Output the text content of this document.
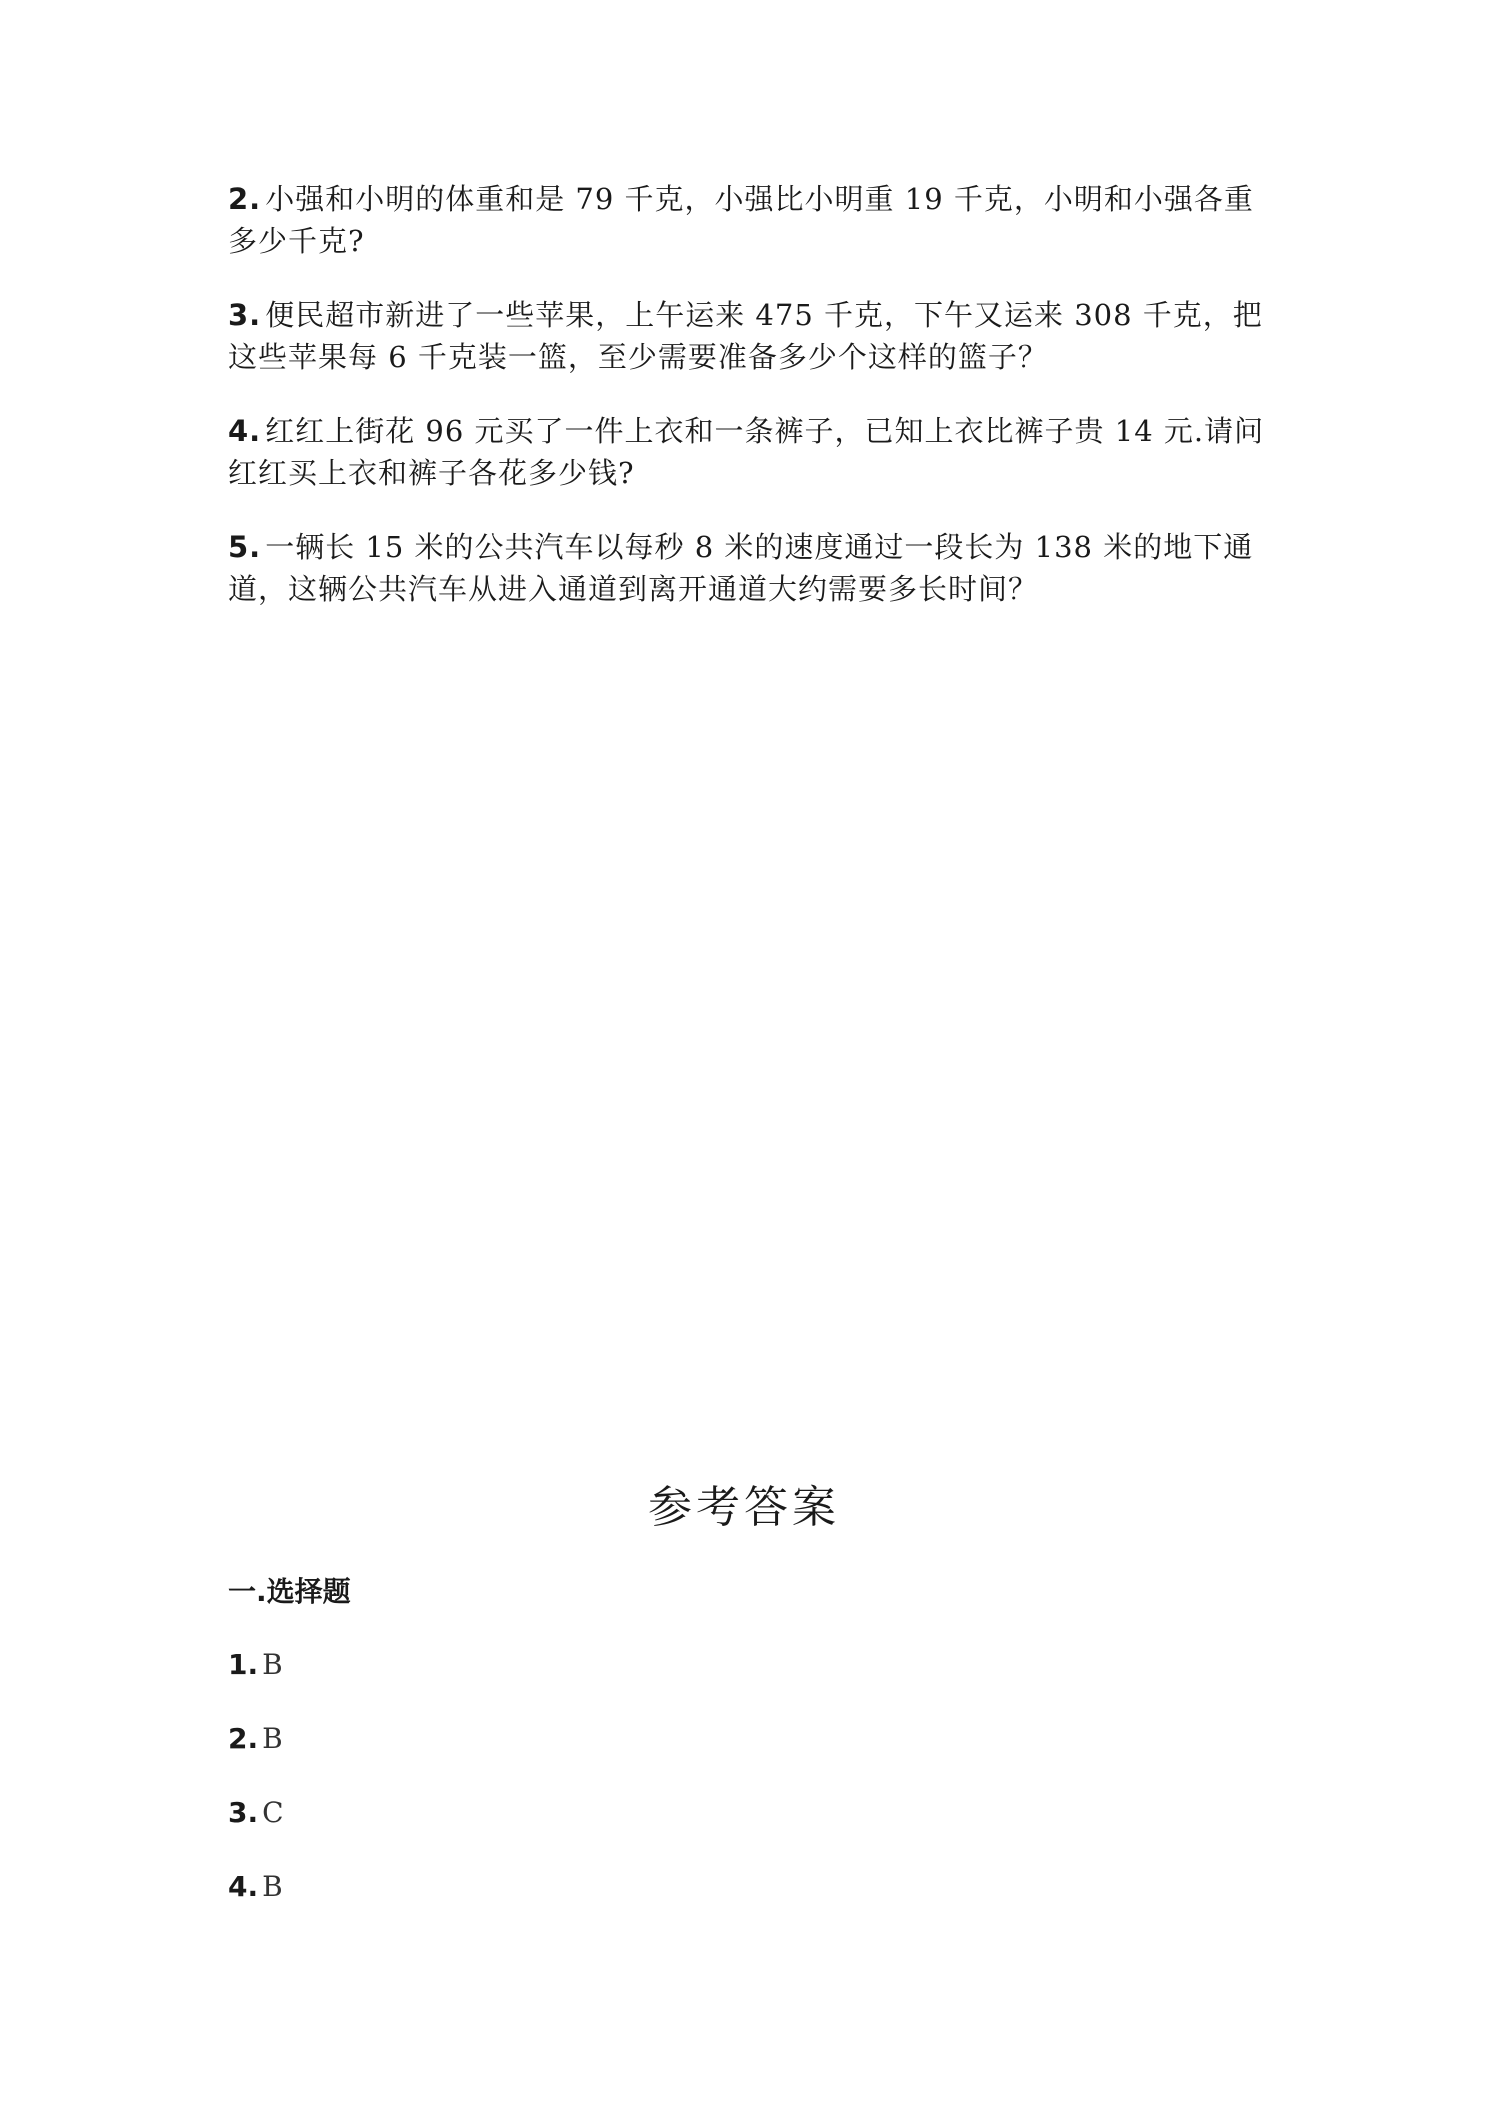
2. 小强和小明的体重和是 79 千克，小强比小明重 19 千克，小明和小强各重多少千克?

3. 便民超市新进了一些苹果，上午运来 475 千克，下午又运来 308 千克，把这些苹果每 6 千克装一篮，至少需要准备多少个这样的篮子？

4. 红红上街花 96 元买了一件上衣和一条裤子，已知上衣比裤子贵 14 元.请问红红买上衣和裤子各花多少钱?

5. 一辆长 15 米的公共汽车以每秒 8 米的速度通过一段长为 138 米的地下通道，这辆公共汽车从进入通道到离开通道大约需要多长时间？

参考答案
一.选择题
1. B
2. B
3. C
4. B
